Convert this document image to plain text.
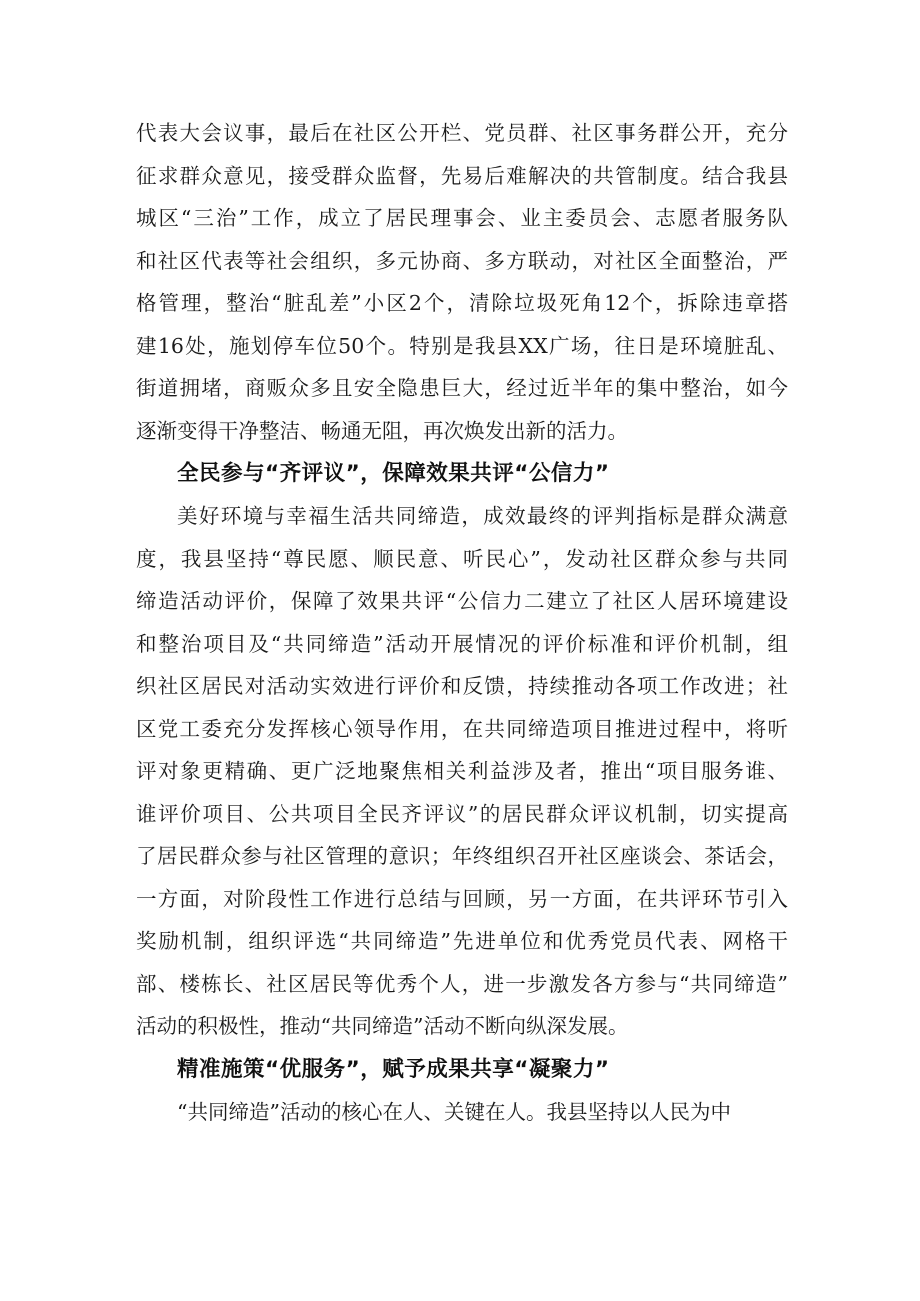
代表大会议事，最后在社区公开栏、党员群、社区事务群公开，充分
征求群众意见，接受群众监督，先易后难解决的共管制度。结合我县
城区“三治”工作，成立了居民理事会、业主委员会、志愿者服务队
和社区代表等社会组织，多元协商、多方联动，对社区全面整治，严
格管理，整治“脏乱差”小区2个，清除垃圾死角12个，拆除违章搭
建16处，施划停车位50个。特别是我县XX广场，往日是环境脏乱、
街道拥堵，商贩众多且安全隐患巨大，经过近半年的集中整治，如今
逐渐变得干净整洁、畅通无阻，再次焕发出新的活力。
全民参与“齐评议”，保障效果共评“公信力”
美好环境与幸福生活共同缔造，成效最终的评判指标是群众满意
度，我县坚持“尊民愿、顺民意、听民心”，发动社区群众参与共同
缔造活动评价，保障了效果共评“公信力二建立了社区人居环境建设
和整治项目及“共同缔造”活动开展情况的评价标准和评价机制，组
织社区居民对活动实效进行评价和反馈，持续推动各项工作改进；社
区党工委充分发挥核心领导作用，在共同缔造项目推进过程中，将听
评对象更精确、更广泛地聚焦相关利益涉及者，推出“项目服务谁、
谁评价项目、公共项目全民齐评议”的居民群众评议机制，切实提高
了居民群众参与社区管理的意识；年终组织召开社区座谈会、茶话会，
一方面，对阶段性工作进行总结与回顾，另一方面，在共评环节引入
奖励机制，组织评选“共同缔造”先进单位和优秀党员代表、网格干
部、楼栋长、社区居民等优秀个人，进一步激发各方参与“共同缔造”
活动的积极性，推动“共同缔造”活动不断向纵深发展。
精准施策“优服务”，赋予成果共享“凝聚力”
“共同缔造”活动的核心在人、关键在人。我县坚持以人民为中
